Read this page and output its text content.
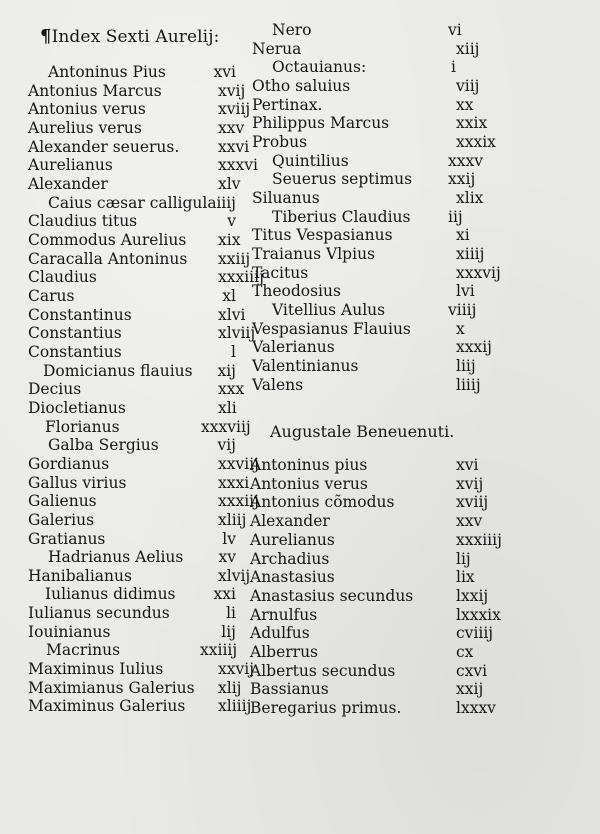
¶Index Sexti Aurelij:
Antoninus Pius	xvi
Antonius Marcus	xvij
Antonius verus	xviij
Aurelius verus	xxv
Alexander seuerus. xxvi
Aurelianus	xxxvi
Alexander	xlv
Caius cæsar calligula iiij
Claudius titus	v
Commodus Aurelius xix
Caracalla Antoninus xxiij
Claudius	xxxiiij
Carus	xl
Constantinus	xlvi
Constantius	xlviij
Constantius	l
Domicianus flauius	xij
Decius	xxx
Diocletianus	xli
Florianus	xxxviij
Galba Sergius	vij
Gordianus	xxviij
Gallus virius	xxxi
Galienus	xxxiij
Galerius	xliij
Gratianus	lv
Hadrianus Aelius	xv
Hanibalianus	xlvij
Iulianus didimus	xxi
Iulianus secundus	li
Iouinianus	lij
Macrinus	xxiiij
Maximinus Iulius	xxvij
Maximianus Galerius xlij
Maximinus Galerius xliiij
Nero	vi
Nerua	xiij
Octauianus:	i
Otho saluius	viij
Pertinax.	xx
Philippus Marcus	xxix
Probus	xxxix
Quintilius	xxxv
Seuerus septimus xxij
Siluanus	xlix
Tiberius Claudius iij
Titus Vespasianus	xi
Traianus Vlpius	xiiij
Tacitus	xxxvij
Theodosius	lvi
Vitellius Aulus	viiij
Vespasianus Flauius	x
Valerianus	xxxij
Valentinianus	liij
Valens	liiij
Augustale Beneuenuti.
Antoninus pius	xvi
Antonius verus	xvij
Antonius cõmodus	xviij
Alexander	xxv
Aurelianus	xxxiiij
Archadius	lij
Anastasius	lix
Anastasius secundus	lxxij
Arnulfus	lxxxix
Adulfus	cviiij
Alberrus	cx
Albertus secundus	cxvi
Bassianus	xxij
Beregarius primus.	lxxxv
